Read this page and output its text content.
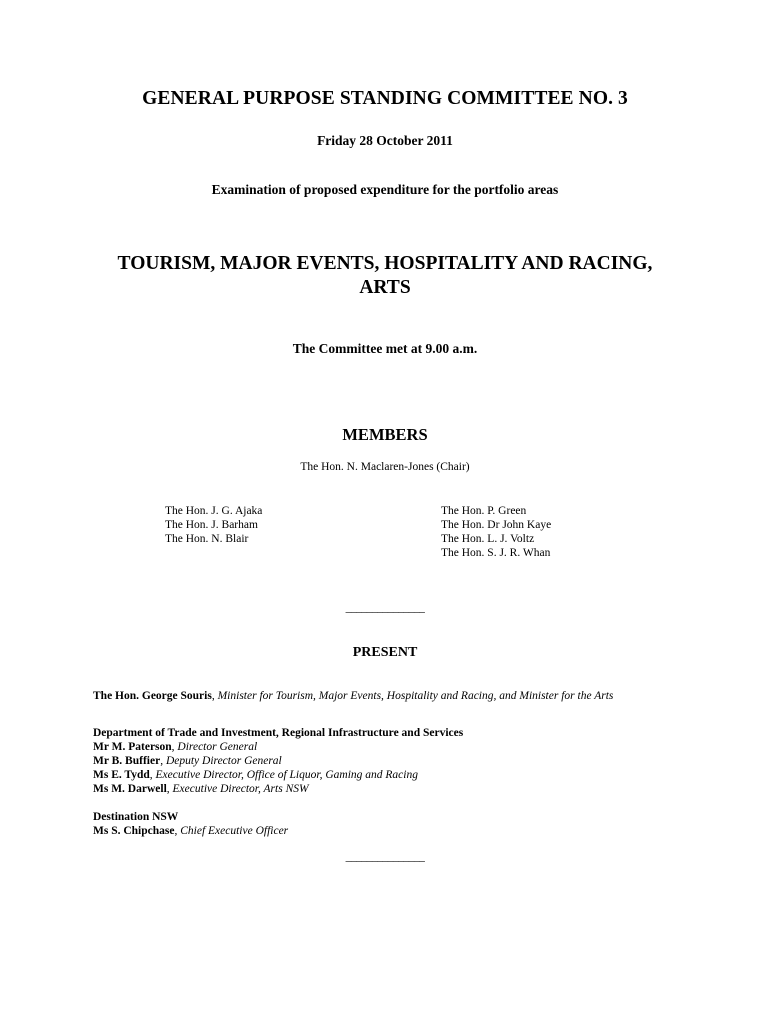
GENERAL PURPOSE STANDING COMMITTEE NO. 3
Friday 28 October 2011
Examination of proposed expenditure for the portfolio areas
TOURISM, MAJOR EVENTS, HOSPITALITY AND RACING,
ARTS
The Committee met at 9.00 a.m.
MEMBERS
The Hon. N. Maclaren-Jones (Chair)
The Hon. J. G. Ajaka
The Hon. J. Barham
The Hon. N. Blair
The Hon. P. Green
The Hon. Dr John Kaye
The Hon. L. J. Voltz
The Hon. S. J. R. Whan
_______________
PRESENT
The Hon. George Souris, Minister for Tourism, Major Events, Hospitality and Racing, and Minister for the Arts
Department of Trade and Investment, Regional Infrastructure and Services
Mr M. Paterson, Director General
Mr B. Buffier, Deputy Director General
Ms E. Tydd, Executive Director, Office of Liquor, Gaming and Racing
Ms M. Darwell, Executive Director, Arts NSW
Destination NSW
Ms S. Chipchase, Chief Executive Officer
_______________
